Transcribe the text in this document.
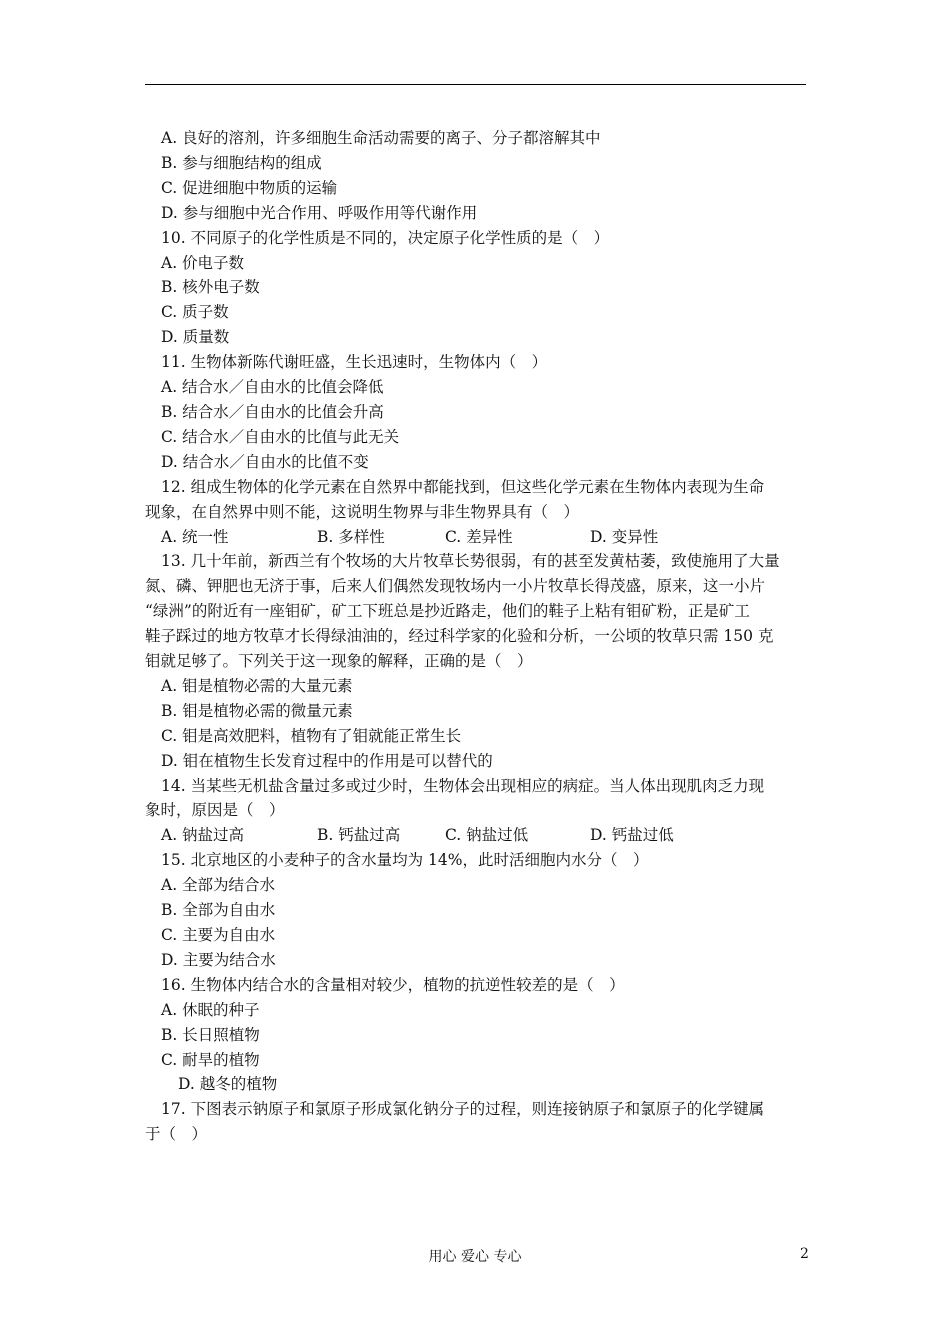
A. 良好的溶剂，许多细胞生命活动需要的离子、分子都溶解其中
B. 参与细胞结构的组成
C. 促进细胞中物质的运输
D. 参与细胞中光合作用、呼吸作用等代谢作用
10. 不同原子的化学性质是不同的，决定原子化学性质的是（　）
A. 价电子数
B. 核外电子数
C. 质子数
D. 质量数
11. 生物体新陈代谢旺盛，生长迅速时，生物体内（　）
A. 结合水／自由水的比值会降低
B. 结合水／自由水的比值会升高
C. 结合水／自由水的比值与此无关
D. 结合水／自由水的比值不变
12. 组成生物体的化学元素在自然界中都能找到，但这些化学元素在生物体内表现为生命
现象，在自然界中则不能，这说明生物界与非生物界具有（　）
A. 统一性	B. 多样性	C. 差异性	D. 变异性
13. 几十年前，新西兰有个牧场的大片牧草长势很弱，有的甚至发黄枯萎，致使施用了大量
氮、磷、钾肥也无济于事，后来人们偶然发现牧场内一小片牧草长得茂盛，原来，这一小片
“绿洲”的附近有一座钼矿，矿工下班总是抄近路走，他们的鞋子上粘有钼矿粉，正是矿工
鞋子踩过的地方牧草才长得绿油油的，经过科学家的化验和分析，一公顷的牧草只需 150 克
钼就足够了。下列关于这一现象的解释，正确的是（　）
A. 钼是植物必需的大量元素
B. 钼是植物必需的微量元素
C. 钼是高效肥料，植物有了钼就能正常生长
D. 钼在植物生长发育过程中的作用是可以替代的
14. 当某些无机盐含量过多或过少时，生物体会出现相应的病症。当人体出现肌肉乏力现
象时，原因是（　）
A. 钠盐过高	B. 钙盐过高	C. 钠盐过低	D. 钙盐过低
15. 北京地区的小麦种子的含水量均为 14%，此时活细胞内水分（　）
A. 全部为结合水
B. 全部为自由水
C. 主要为自由水
D. 主要为结合水
16. 生物体内结合水的含量相对较少，植物的抗逆性较差的是（　）
A. 休眠的种子
B. 长日照植物
C. 耐旱的植物
D. 越冬的植物
17. 下图表示钠原子和氯原子形成氯化钠分子的过程，则连接钠原子和氯原子的化学键属
于（　）
用心 爱心 专心	2
